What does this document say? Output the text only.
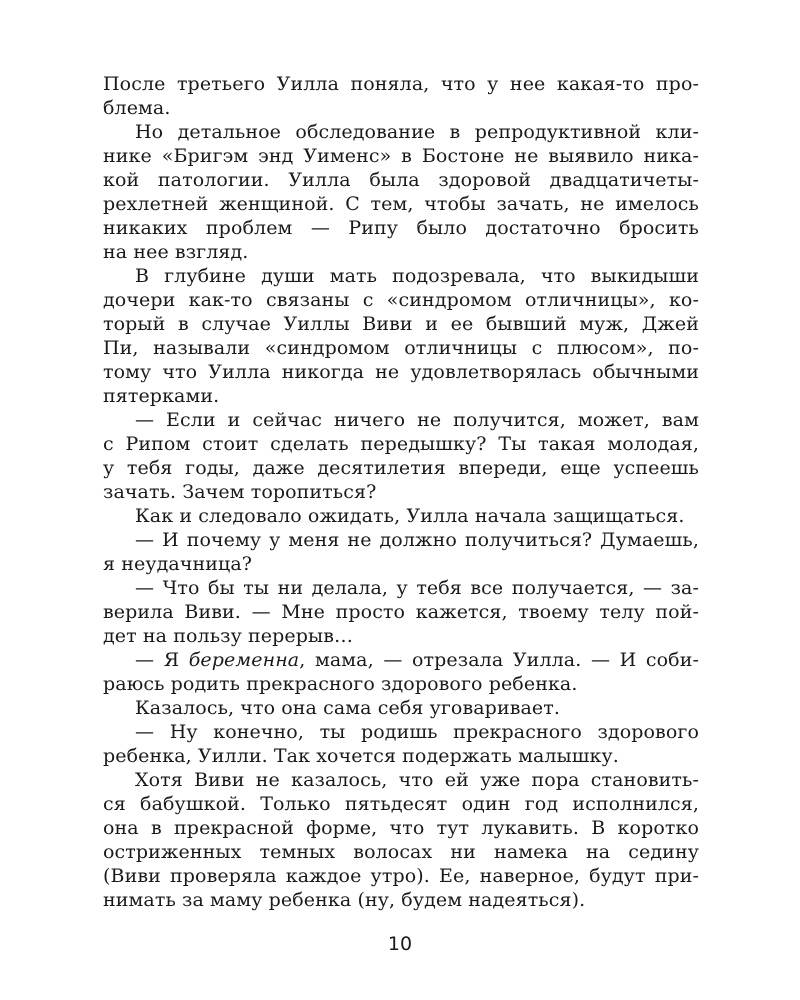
После третьего Уилла поняла, что у нее какая-то про-
блема.
Но детальное обследование в репродуктивной кли-
нике «Бригэм энд Уименс» в Бостоне не выявило ника-
кой патологии. Уилла была здоровой двадцатичеты-
рехлетней женщиной. С тем, чтобы зачать, не имелось
никаких проблем — Рипу было достаточно бросить
на нее взгляд.
В глубине души мать подозревала, что выкидыши
дочери как-то связаны с «синдромом отличницы», ко-
торый в случае Уиллы Виви и ее бывший муж, Джей
Пи, называли «синдромом отличницы с плюсом», по-
тому что Уилла никогда не удовлетворялась обычными
пятерками.
— Если и сейчас ничего не получится, может, вам
с Рипом стоит сделать передышку? Ты такая молодая,
у тебя годы, даже десятилетия впереди, еще успеешь
зачать. Зачем торопиться?
Как и следовало ожидать, Уилла начала защищаться.
— И почему у меня не должно получиться? Думаешь,
я неудачница?
— Что бы ты ни делала, у тебя все получается, — за-
верила Виви. — Мне просто кажется, твоему телу пой-
дет на пользу перерыв…
— Я беременна, мама, — отрезала Уилла. — И соби-
раюсь родить прекрасного здорового ребенка.
Казалось, что она сама себя уговаривает.
— Ну конечно, ты родишь прекрасного здорового
ребенка, Уилли. Так хочется подержать малышку.
Хотя Виви не казалось, что ей уже пора становить-
ся бабушкой. Только пятьдесят один год исполнился,
она в прекрасной форме, что тут лукавить. В коротко
остриженных темных волосах ни намека на седину
(Виви проверяла каждое утро). Ее, наверное, будут при-
нимать за маму ребенка (ну, будем надеяться).
10
